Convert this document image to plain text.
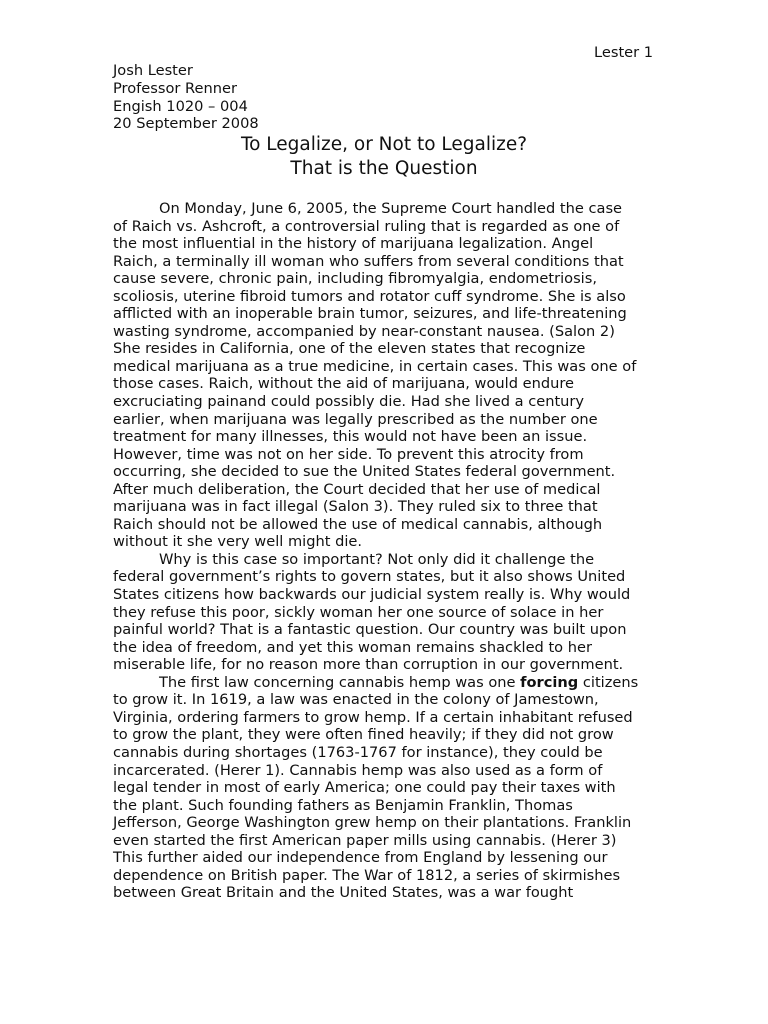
Lester 1
Josh Lester
Professor Renner
Engish 1020 – 004
20 September 2008
To Legalize, or Not to Legalize?
That is the Question
On Monday, June 6, 2005, the Supreme Court handled the case
of Raich vs. Ashcroft, a controversial ruling that is regarded as one of
the most influential in the history of marijuana legalization. Angel
Raich, a terminally ill woman who suffers from several conditions that
cause severe, chronic pain, including fibromyalgia, endometriosis,
scoliosis, uterine fibroid tumors and rotator cuff syndrome. She is also
afflicted with an inoperable brain tumor, seizures, and life-threatening
wasting syndrome, accompanied by near-constant nausea. (Salon 2)
She resides in California, one of the eleven states that recognize
medical marijuana as a true medicine, in certain cases. This was one of
those cases. Raich, without the aid of marijuana, would endure
excruciating painand could possibly die. Had she lived a century
earlier, when marijuana was legally prescribed as the number one
treatment for many illnesses, this would not have been an issue.
However, time was not on her side. To prevent this atrocity from
occurring, she decided to sue the United States federal government.
After much deliberation, the Court decided that her use of medical
marijuana was in fact illegal (Salon 3). They ruled six to three that
Raich should not be allowed the use of medical cannabis, although
without it she very well might die.
Why is this case so important? Not only did it challenge the
federal government’s rights to govern states, but it also shows United
States citizens how backwards our judicial system really is. Why would
they refuse this poor, sickly woman her one source of solace in her
painful world? That is a fantastic question. Our country was built upon
the idea of freedom, and yet this woman remains shackled to her
miserable life, for no reason more than corruption in our government.
The first law concerning cannabis hemp was one forcing citizens
to grow it. In 1619, a law was enacted in the colony of Jamestown,
Virginia, ordering farmers to grow hemp. If a certain inhabitant refused
to grow the plant, they were often fined heavily; if they did not grow
cannabis during shortages (1763-1767 for instance), they could be
incarcerated. (Herer 1). Cannabis hemp was also used as a form of
legal tender in most of early America; one could pay their taxes with
the plant. Such founding fathers as Benjamin Franklin, Thomas
Jefferson, George Washington grew hemp on their plantations. Franklin
even started the first American paper mills using cannabis. (Herer 3)
This further aided our independence from England by lessening our
dependence on British paper. The War of 1812, a series of skirmishes
between Great Britain and the United States, was a war fought
